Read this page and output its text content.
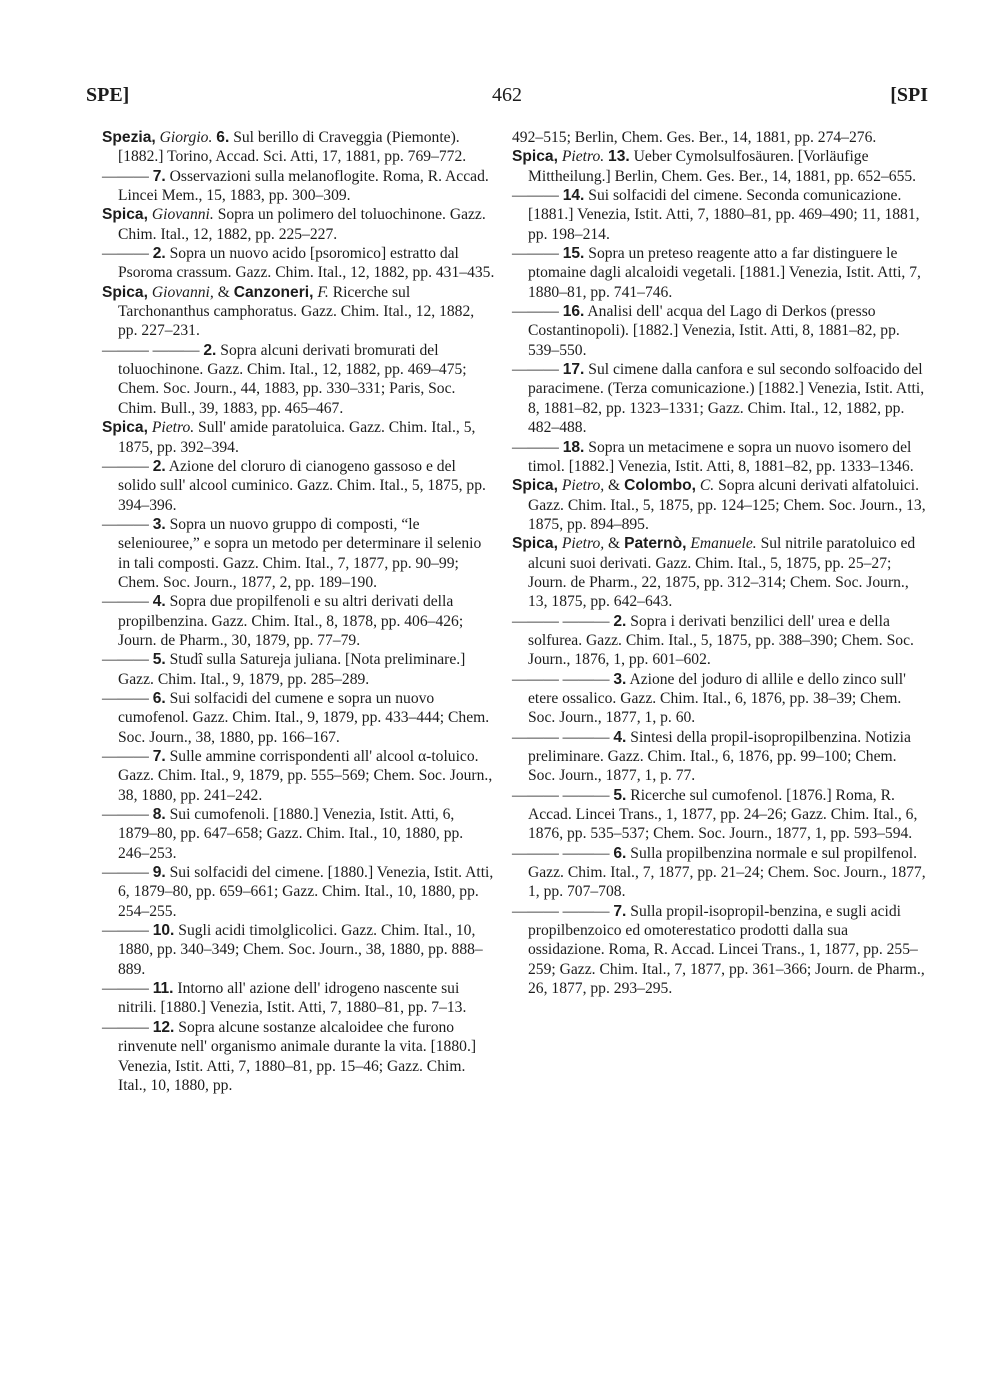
SPE]	462	[SPI

Spezia, Giorgio. 6. Sul berillo di Craveggia (Piemonte). [1882.] Torino, Accad. Sci. Atti, 17, 1881, pp. 769–772.

——— 7. Osservazioni sulla melanoflogite. Roma, R. Accad. Lincei Mem., 15, 1883, pp. 300–309.

Spica, Giovanni. Sopra un polimero del toluochinone. Gazz. Chim. Ital., 12, 1882, pp. 225–227.

——— 2. Sopra un nuovo acido [psoromico] estratto dal Psoroma crassum. Gazz. Chim. Ital., 12, 1882, pp. 431–435.

Spica, Giovanni, & Canzoneri, F. Ricerche sul Tarchonanthus camphoratus. Gazz. Chim. Ital., 12, 1882, pp. 227–231.

——— ——— 2. Sopra alcuni derivati bromurati del toluochinone. Gazz. Chim. Ital., 12, 1882, pp. 469–475; Chem. Soc. Journ., 44, 1883, pp. 330–331; Paris, Soc. Chim. Bull., 39, 1883, pp. 465–467.

Spica, Pietro. Sull' amide paratoluica. Gazz. Chim. Ital., 5, 1875, pp. 392–394.

——— 2. Azione del cloruro di cianogeno gassoso e del solido sull' alcool cuminico. Gazz. Chim. Ital., 5, 1875, pp. 394–396.

——— 3. Sopra un nuovo gruppo di composti, “le seleniouree,” e sopra un metodo per determinare il selenio in tali composti. Gazz. Chim. Ital., 7, 1877, pp. 90–99; Chem. Soc. Journ., 1877, 2, pp. 189–190.

——— 4. Sopra due propilfenoli e su altri derivati della propilbenzina. Gazz. Chim. Ital., 8, 1878, pp. 406–426; Journ. de Pharm., 30, 1879, pp. 77–79.

——— 5. Studî sulla Satureja juliana. [Nota preliminare.] Gazz. Chim. Ital., 9, 1879, pp. 285–289.

——— 6. Sui solfacidi del cumene e sopra un nuovo cumofenol. Gazz. Chim. Ital., 9, 1879, pp. 433–444; Chem. Soc. Journ., 38, 1880, pp. 166–167.

——— 7. Sulle ammine corrispondenti all' alcool α-toluico. Gazz. Chim. Ital., 9, 1879, pp. 555–569; Chem. Soc. Journ., 38, 1880, pp. 241–242.

——— 8. Sui cumofenoli. [1880.] Venezia, Istit. Atti, 6, 1879–80, pp. 647–658; Gazz. Chim. Ital., 10, 1880, pp. 246–253.

——— 9. Sui solfacidi del cimene. [1880.] Venezia, Istit. Atti, 6, 1879–80, pp. 659–661; Gazz. Chim. Ital., 10, 1880, pp. 254–255.

——— 10. Sugli acidi timolglicolici. Gazz. Chim. Ital., 10, 1880, pp. 340–349; Chem. Soc. Journ., 38, 1880, pp. 888–889.

——— 11. Intorno all' azione dell' idrogeno nascente sui nitrili. [1880.] Venezia, Istit. Atti, 7, 1880–81, pp. 7–13.

——— 12. Sopra alcune sostanze alcaloidee che furono rinvenute nell' organismo animale durante la vita. [1880.] Venezia, Istit. Atti, 7, 1880–81, pp. 15–46; Gazz. Chim. Ital., 10, 1880, pp.

492–515; Berlin, Chem. Ges. Ber., 14, 1881, pp. 274–276.

Spica, Pietro. 13. Ueber Cymolsulfosäuren. [Vorläufige Mittheilung.] Berlin, Chem. Ges. Ber., 14, 1881, pp. 652–655.

——— 14. Sui solfacidi del cimene. Seconda comunicazione. [1881.] Venezia, Istit. Atti, 7, 1880–81, pp. 469–490; 11, 1881, pp. 198–214.

——— 15. Sopra un preteso reagente atto a far distinguere le ptomaine dagli alcaloidi vegetali. [1881.] Venezia, Istit. Atti, 7, 1880–81, pp. 741–746.

——— 16. Analisi dell' acqua del Lago di Derkos (presso Costantinopoli). [1882.] Venezia, Istit. Atti, 8, 1881–82, pp. 539–550.

——— 17. Sul cimene dalla canfora e sul secondo solfoacido del paracimene. (Terza comunicazione.) [1882.] Venezia, Istit. Atti, 8, 1881–82, pp. 1323–1331; Gazz. Chim. Ital., 12, 1882, pp. 482–488.

——— 18. Sopra un metacimene e sopra un nuovo isomero del timol. [1882.] Venezia, Istit. Atti, 8, 1881–82, pp. 1333–1346.

Spica, Pietro, & Colombo, C. Sopra alcuni derivati alfatoluici. Gazz. Chim. Ital., 5, 1875, pp. 124–125; Chem. Soc. Journ., 13, 1875, pp. 894–895.

Spica, Pietro, & Paternò, Emanuele. Sul nitrile paratoluico ed alcuni suoi derivati. Gazz. Chim. Ital., 5, 1875, pp. 25–27; Journ. de Pharm., 22, 1875, pp. 312–314; Chem. Soc. Journ., 13, 1875, pp. 642–643.

——— ——— 2. Sopra i derivati benzilici dell' urea e della solfurea. Gazz. Chim. Ital., 5, 1875, pp. 388–390; Chem. Soc. Journ., 1876, 1, pp. 601–602.

——— ——— 3. Azione del joduro di allile e dello zinco sull' etere ossalico. Gazz. Chim. Ital., 6, 1876, pp. 38–39; Chem. Soc. Journ., 1877, 1, p. 60.

——— ——— 4. Sintesi della propil-isopropilbenzina. Notizia preliminare. Gazz. Chim. Ital., 6, 1876, pp. 99–100; Chem. Soc. Journ., 1877, 1, p. 77.

——— ——— 5. Ricerche sul cumofenol. [1876.] Roma, R. Accad. Lincei Trans., 1, 1877, pp. 24–26; Gazz. Chim. Ital., 6, 1876, pp. 535–537; Chem. Soc. Journ., 1877, 1, pp. 593–594.

——— ——— 6. Sulla propilbenzina normale e sul propilfenol. Gazz. Chim. Ital., 7, 1877, pp. 21–24; Chem. Soc. Journ., 1877, 1, pp. 707–708.

——— ——— 7. Sulla propil-isopropil-benzina, e sugli acidi propilbenzoico ed omoterestatico prodotti dalla sua ossidazione. Roma, R. Accad. Lincei Trans., 1, 1877, pp. 255–259; Gazz. Chim. Ital., 7, 1877, pp. 361–366; Journ. de Pharm., 26, 1877, pp. 293–295.
